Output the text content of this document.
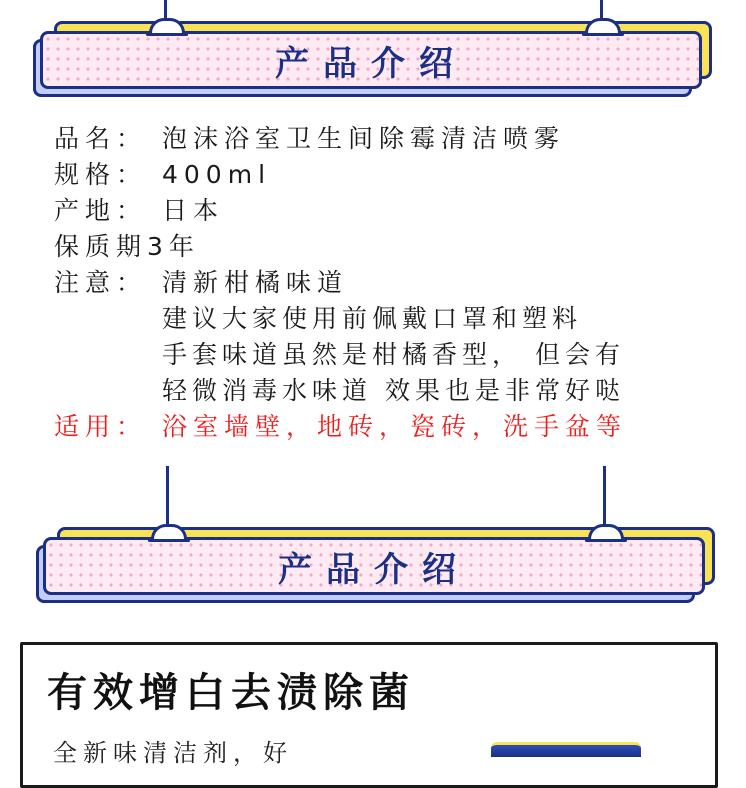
产品介绍
品名： 泡沫浴室卫生间除霉清洁喷雾
规格： 400ml
产地： 日本
保质期 3年
注意： 清新柑橘味道
建议大家使用前佩戴口罩和塑料
手套味道虽然是柑橘香型， 但会有
轻微消毒水味道 效果也是非常好哒
适用： 浴室墙壁，地砖，瓷砖，洗手盆等
产品介绍
有效增白去渍除菌
全新味清洁剂，好
